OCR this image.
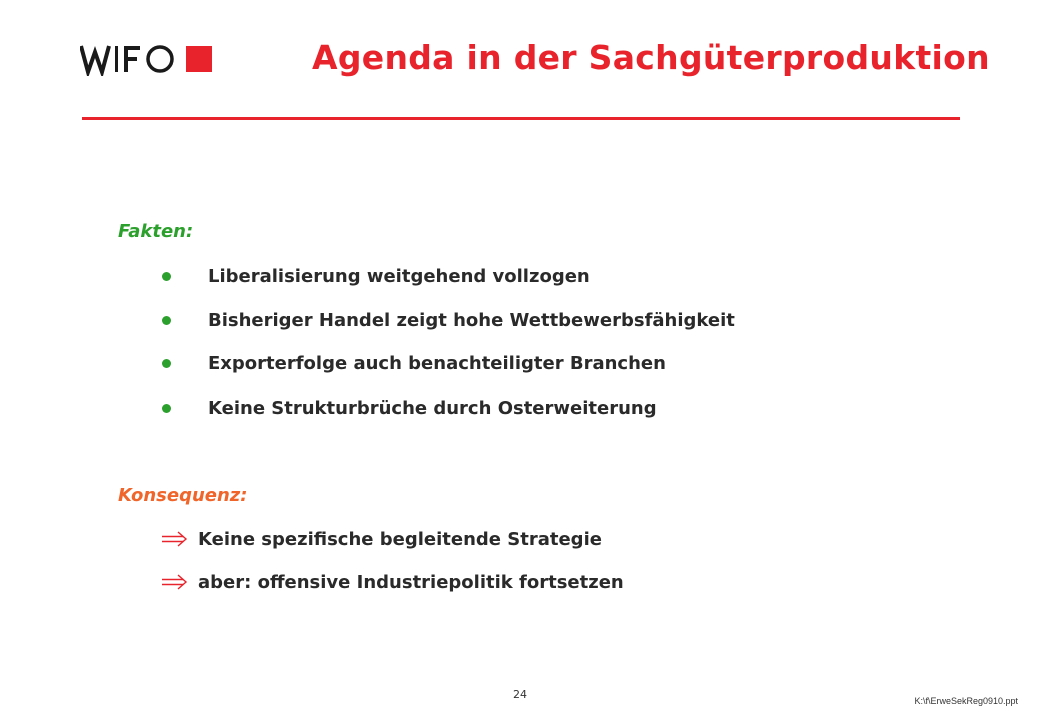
Agenda in der Sachgüterproduktion
Fakten:
Liberalisierung weitgehend vollzogen
Bisheriger Handel zeigt hohe Wettbewerbsfähigkeit
Exporterfolge auch benachteiligter Branchen
Keine Strukturbrüche durch Osterweiterung
Konsequenz:
Keine spezifische begleitende Strategie
aber: offensive Industriepolitik fortsetzen
24	K:\f\ErweSekReg0910.ppt
